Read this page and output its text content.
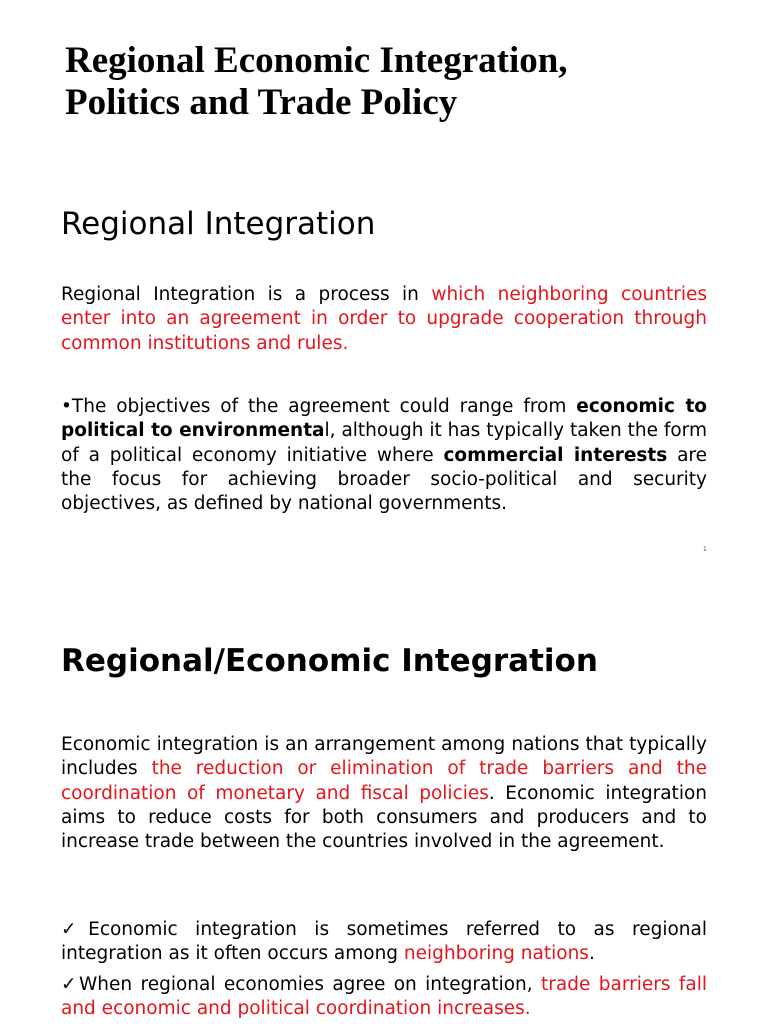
Regional Economic Integration,
Politics and Trade Policy
Regional Integration

Regional Integration is a process in which neighboring countries enter into an agreement in order to upgrade cooperation through common institutions and rules.

•The objectives of the agreement could range from economic to political to environmental, although it has typically taken the form of a political economy initiative where commercial interests are the focus for achieving broader socio-political and security objectives, as defined by national governments.

1
Regional/Economic Integration

Economic integration is an arrangement among nations that typically includes the reduction or elimination of trade barriers and the coordination of monetary and fiscal policies. Economic integration aims to reduce costs for both consumers and producers and to increase trade between the countries involved in the agreement.

✓Economic integration is sometimes referred to as regional integration as it often occurs among neighboring nations.

✓When regional economies agree on integration, trade barriers fall and economic and political coordination increases.
